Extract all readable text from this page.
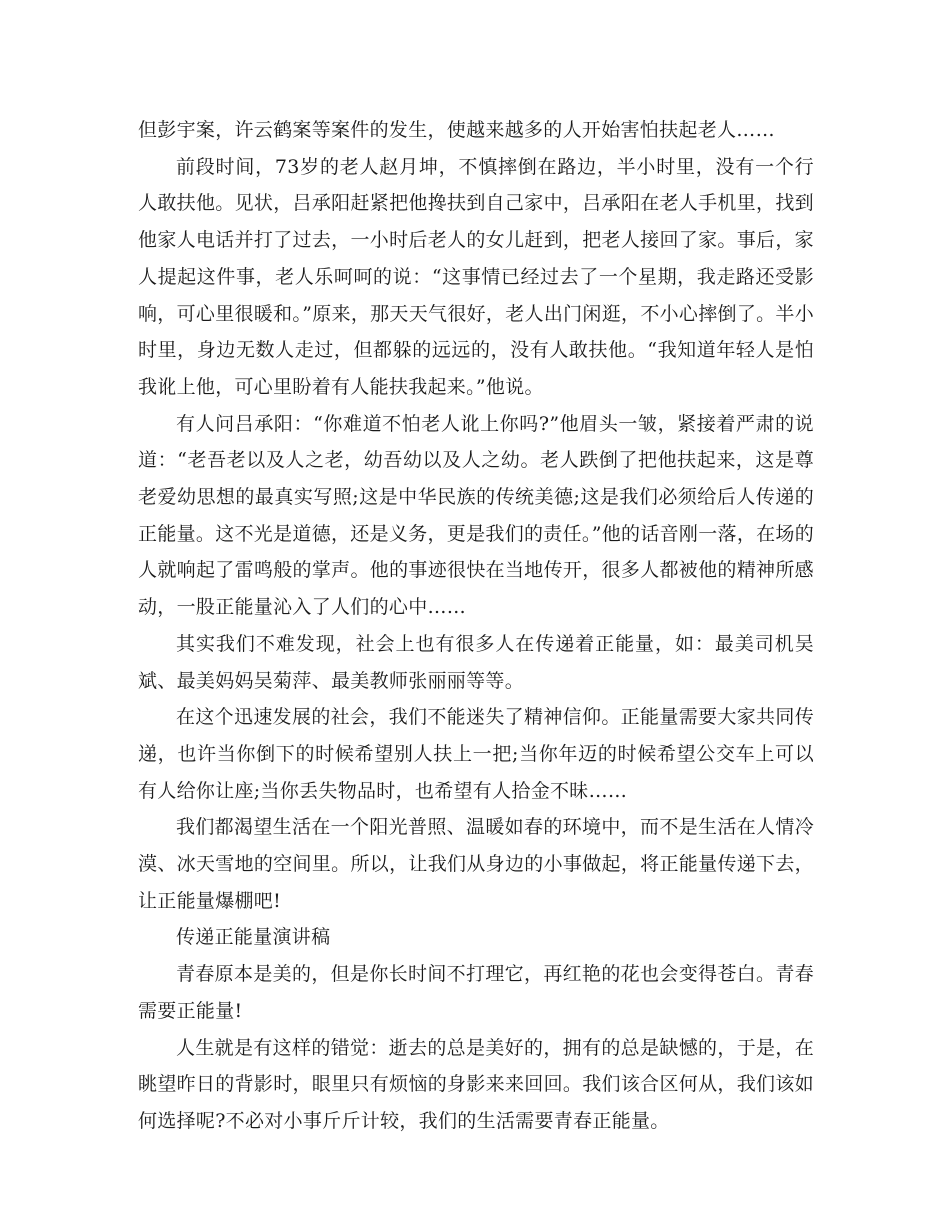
但彭宇案，许云鹤案等案件的发生，使越来越多的人开始害怕扶起老人……

前段时间，73岁的老人赵月坤，不慎摔倒在路边，半小时里，没有一个行人敢扶他。见状，吕承阳赶紧把他搀扶到自己家中，吕承阳在老人手机里，找到他家人电话并打了过去，一小时后老人的女儿赶到，把老人接回了家。事后，家人提起这件事，老人乐呵呵的说：“这事情已经过去了一个星期，我走路还受影响，可心里很暖和。”原来，那天天气很好，老人出门闲逛，不小心摔倒了。半小时里，身边无数人走过，但都躲的远远的，没有人敢扶他。“我知道年轻人是怕我讹上他，可心里盼着有人能扶我起来。”他说。

有人问吕承阳：“你难道不怕老人讹上你吗?”他眉头一皱，紧接着严肃的说道：“老吾老以及人之老，幼吾幼以及人之幼。老人跌倒了把他扶起来，这是尊老爱幼思想的最真实写照;这是中华民族的传统美德;这是我们必须给后人传递的正能量。这不光是道德，还是义务，更是我们的责任。”他的话音刚一落，在场的人就响起了雷鸣般的掌声。他的事迹很快在当地传开，很多人都被他的精神所感动，一股正能量沁入了人们的心中……

其实我们不难发现，社会上也有很多人在传递着正能量，如：最美司机吴斌、最美妈妈吴菊萍、最美教师张丽丽等等。

在这个迅速发展的社会，我们不能迷失了精神信仰。正能量需要大家共同传递，也许当你倒下的时候希望别人扶上一把;当你年迈的时候希望公交车上可以有人给你让座;当你丢失物品时，也希望有人拾金不昧……

我们都渴望生活在一个阳光普照、温暖如春的环境中，而不是生活在人情冷漠、冰天雪地的空间里。所以，让我们从身边的小事做起，将正能量传递下去，让正能量爆棚吧!

传递正能量演讲稿

青春原本是美的，但是你长时间不打理它，再红艳的花也会变得苍白。青春需要正能量!

人生就是有这样的错觉：逝去的总是美好的，拥有的总是缺憾的，于是，在眺望昨日的背影时，眼里只有烦恼的身影来来回回。我们该合区何从，我们该如何选择呢?不必对小事斤斤计较，我们的生活需要青春正能量。
